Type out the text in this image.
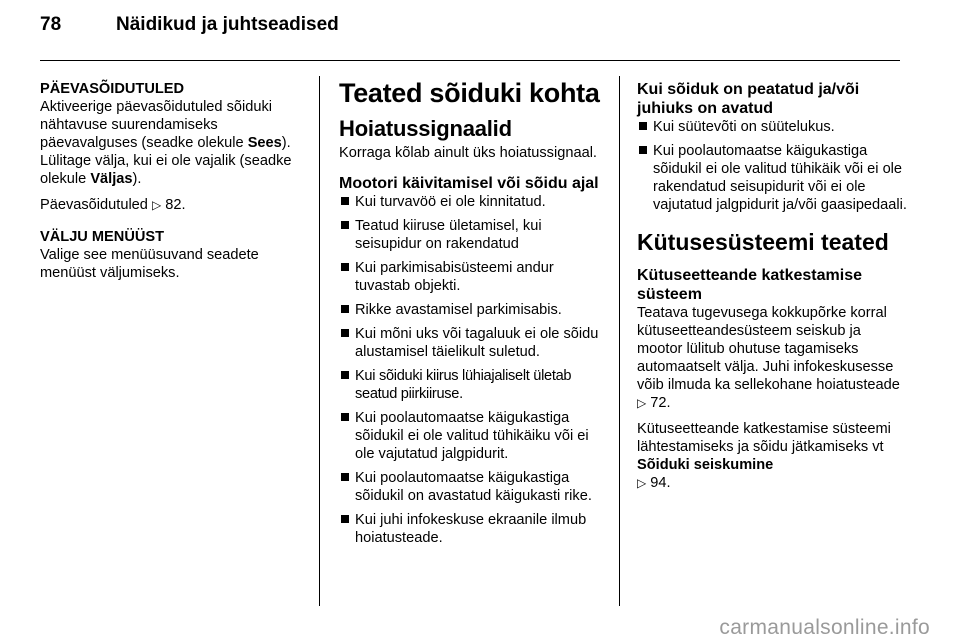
78	Näidikud ja juhtseadised

PÄEVASÕIDUTULED

Aktiveerige päevasõidutuled sõiduki nähtavuse suurendamiseks päevavalguses (seadke olekule Sees). Lülitage välja, kui ei ole vajalik (seadke olekule Väljas).

Päevasõidutuled ▷ 82.

VÄLJU MENÜÜST

Valige see menüüsuvand seadete menüüst väljumiseks.

Teated sõiduki kohta
Hoiatussignaalid

Korraga kõlab ainult üks hoiatussignaal.

Mootori käivitamisel või sõidu ajal
Kui turvavöö ei ole kinnitatud.
Teatud kiiruse ületamisel, kui seisupidur on rakendatud
Kui parkimisabisüsteemi andur tuvastab objekti.
Rikke avastamisel parkimisabis.
Kui mõni uks või tagaluuk ei ole sõidu alustamisel täielikult suletud.
Kui sõiduki kiirus lühiajaliselt ületab seatud piirkiiruse.
Kui poolautomaatse käigukastiga sõidukil ei ole valitud tühikäiku või ei ole vajutatud jalgpidurit.
Kui poolautomaatse käigukastiga sõidukil on avastatud käigukasti rike.
Kui juhi infokeskuse ekraanile ilmub hoiatusteade.
Kui sõiduk on peatatud ja/või juhiuks on avatud
Kui süütevõti on süütelukus.
Kui poolautomaatse käigukastiga sõidukil ei ole valitud tühikäik või ei ole rakendatud seisupidurit või ei ole vajutatud jalgpidurit ja/või gaasipedaali.
Kütusesüsteemi teated
Kütuseetteande katkestamise süsteem

Teatava tugevusega kokkupõrke korral kütuseetteandesüsteem seiskub ja mootor lülitub ohutuse tagamiseks automaatselt välja. Juhi infokeskusesse võib ilmuda ka sellekohane hoiatusteade ▷ 72.

Kütuseetteande katkestamise süsteemi lähtestamiseks ja sõidu jätkamiseks vt Sõiduki seiskumine
▷ 94.

carmanualsonline.info
